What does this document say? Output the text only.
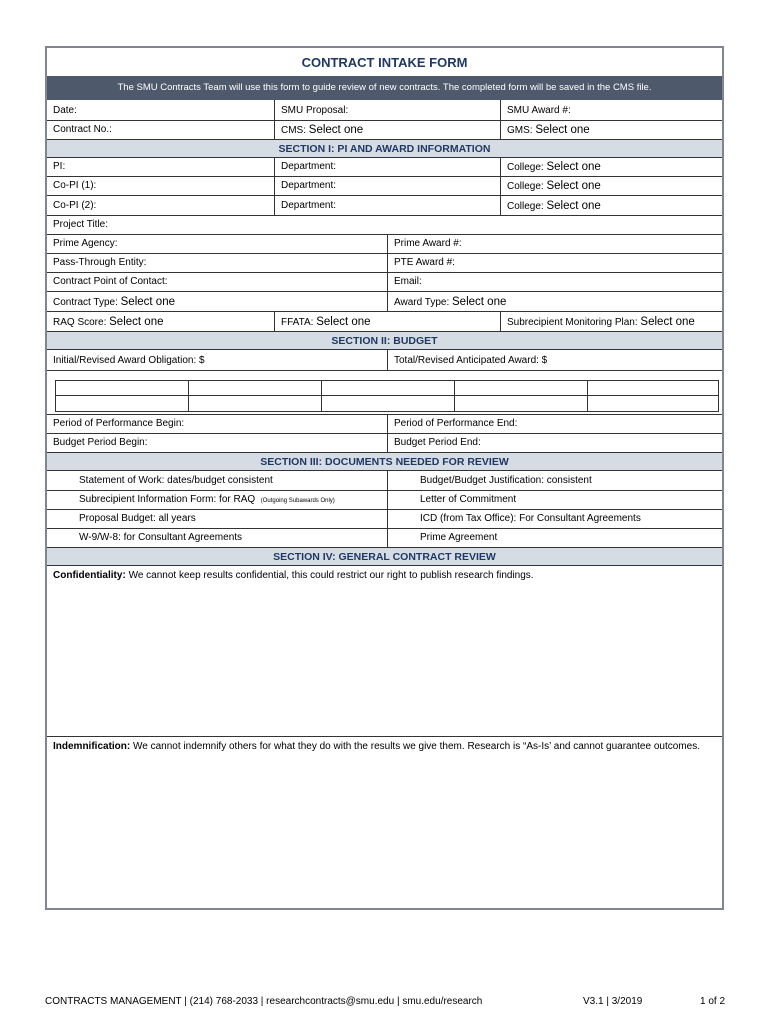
CONTRACT INTAKE FORM
The SMU Contracts Team will use this form to guide review of new contracts. The completed form will be saved in the CMS file.
Date:	SMU Proposal:	SMU Award #:
Contract No.:	CMS: Select one	GMS: Select one
SECTION I: PI AND AWARD INFORMATION
PI:	Department:	College: Select one
Co-PI (1):	Department:	College: Select one
Co-PI (2):	Department:	College: Select one
Project Title:
Prime Agency:	Prime Award #:
Pass-Through Entity:	PTE Award #:
Contract Point of Contact:	Email:
Contract Type: Select one	Award Type: Select one
RAQ Score: Select one	FFATA: Select one	Subrecipient Monitoring Plan: Select one
SECTION II: BUDGET
Initial/Revised Award Obligation: $	Total/Revised Anticipated Award: $
Period of Performance Begin:	Period of Performance End:
Budget Period Begin:	Budget Period End:
SECTION III: DOCUMENTS NEEDED FOR REVIEW
Statement of Work: dates/budget consistent	Budget/Budget Justification: consistent
Subrecipient Information Form: for RAQ (Outgoing Subawards Only)	Letter of Commitment
Proposal Budget: all years	ICD (from Tax Office): For Consultant Agreements
W-9/W-8: for Consultant Agreements	Prime Agreement
SECTION IV: GENERAL CONTRACT REVIEW
Confidentiality: We cannot keep results confidential, this could restrict our right to publish research findings.
Indemnification: We cannot indemnify others for what they do with the results we give them. Research is “As-Is’ and cannot guarantee outcomes.
CONTRACTS MANAGEMENT | (214) 768-2033 | researchcontracts@smu.edu | smu.edu/research	V3.1 | 3/2019	1 of 2
